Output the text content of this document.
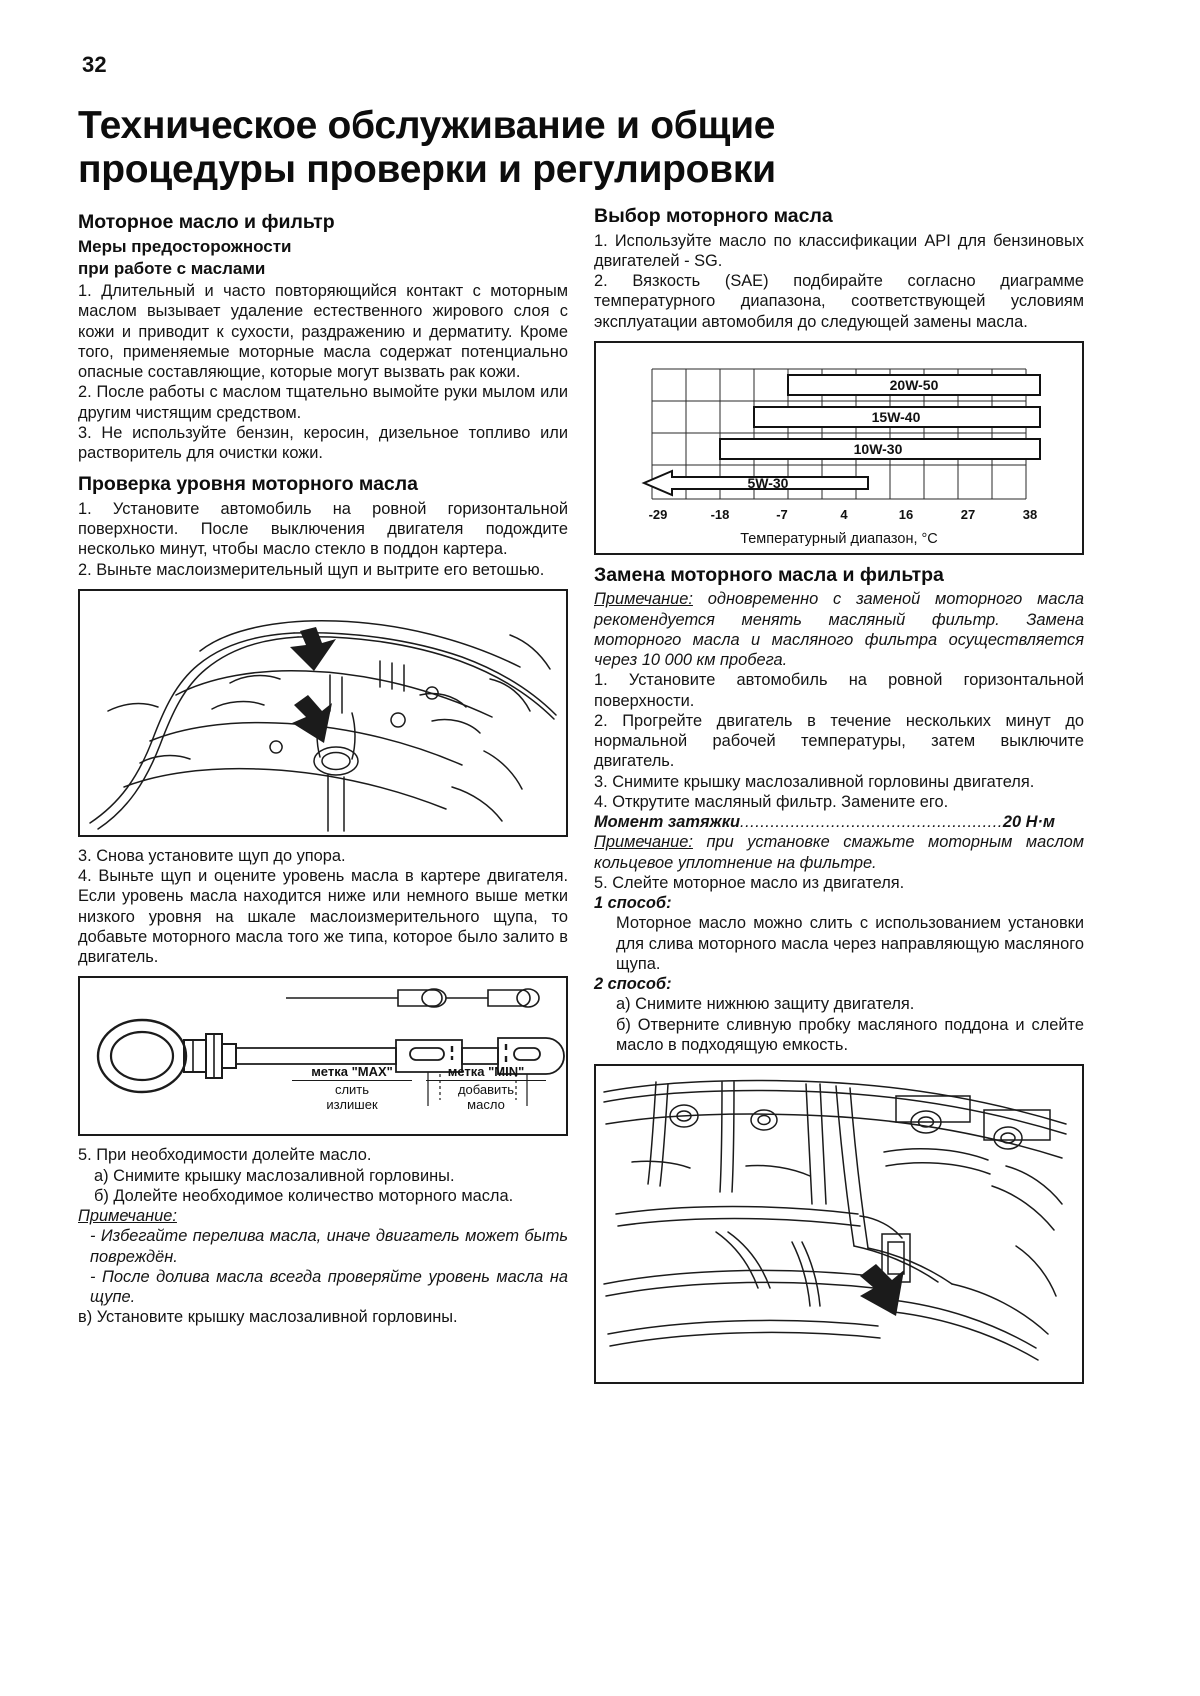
32
Техническое обслуживание и общие
процедуры проверки и регулировки
Моторное масло и фильтр
Меры предосторожности
при работе с маслами

1. Длительный и часто повторяющийся контакт с моторным маслом вызывает удаление естественного жирового слоя с кожи и приводит к сухости, раздражению и дерматиту. Кроме того, применяемые моторные масла содержат потенциально опасные составляющие, которые могут вызвать рак кожи.

2. После работы с маслом тщательно вымойте руки мылом или другим чистящим средством.

3. Не используйте бензин, керосин, дизельное топливо или растворитель для очистки кожи.

Проверка уровня моторного масла

1. Установите автомобиль на ровной горизонтальной поверхности. После выключения двигателя подождите несколько минут, чтобы масло стекло в поддон картера.

2. Выньте маслоизмерительный щуп и вытрите его ветошью.

3. Снова установите щуп до упора.

4. Выньте щуп и оцените уровень масла в картере двигателя. Если уровень масла находится ниже или немного выше метки низкого уровня на шкале маслоизмерительного щупа, то добавьте моторного масла того же типа, которое было залито в двигатель.

метка "MAX"
слить
излишек
метка "MIN"
добавить
масло

5. При необходимости долейте масло.

а) Снимите крышку маслозаливной горловины.

б) Долейте необходимое количество моторного масла.

Примечание:

- Избегайте перелива масла, иначе двигатель может быть повреждён.

- После долива масла всегда проверяйте уровень масла на щупе.

в) Установите крышку маслозаливной горловины.

Выбор моторного масла

1. Используйте масло по классификации API для бензиновых двигателей - SG.

2. Вязкость (SAE) подбирайте согласно диаграмме температурного диапазона, соответствующей условиям эксплуатации автомобиля до следующей замены масла.

20W-50
15W-40
10W-30
5W-30
-29	-18	-7	4	16	27	38
Температурный диапазон, °C
Замена моторного масла и фильтра

Примечание: одновременно с заменой моторного масла рекомендуется менять масляный фильтр. Замена моторного масла и масляного фильтра осуществляется через 10 000 км пробега.

1. Установите автомобиль на ровной горизонтальной поверхности.

2. Прогрейте двигатель в течение нескольких минут до нормальной рабочей температуры, затем выключите двигатель.

3. Снимите крышку маслозаливной горловины двигателя.

4. Открутите масляный фильтр. Замените его.

Момент затяжки....................................................20 Н·м

Примечание: при установке смажьте моторным маслом кольцевое уплотнение на фильтре.

5. Слейте моторное масло из двигателя.

1 способ:

Моторное масло можно слить с использованием установки для слива моторного масла через направляющую масляного щупа.

2 способ:

а) Снимите нижнюю защиту двигателя.

б) Отверните сливную пробку масляного поддона и слейте масло в подходящую емкость.
